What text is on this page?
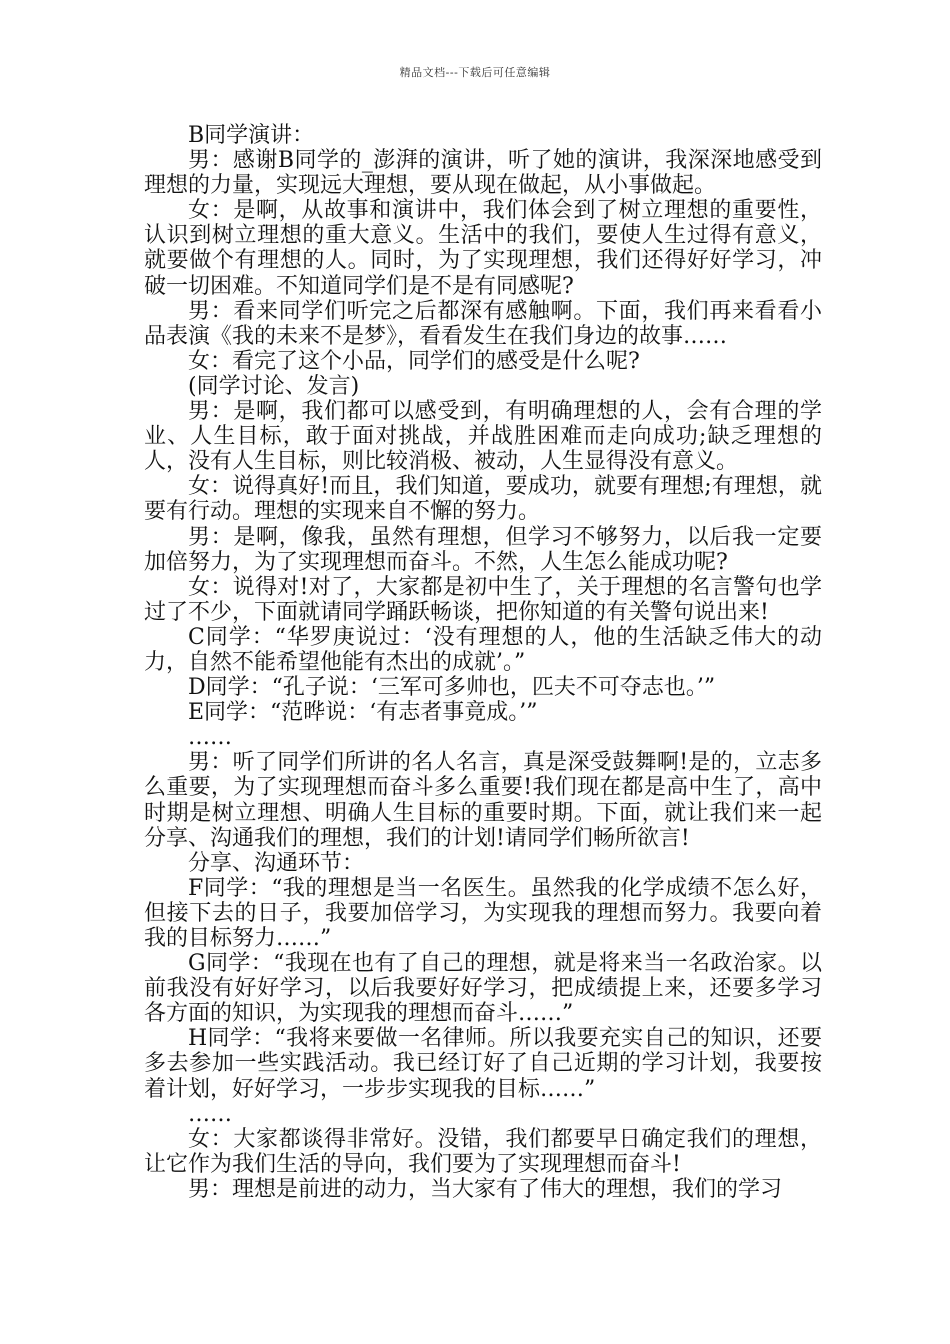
精品文档---下载后可任意编辑

B同学演讲：

男：感谢B同学的_澎湃的演讲，听了她的演讲，我深深地感受到理想的力量，实现远大理想，要从现在做起，从小事做起。

女：是啊，从故事和演讲中，我们体会到了树立理想的重要性，认识到树立理想的重大意义。生活中的我们，要使人生过得有意义，就要做个有理想的人。同时，为了实现理想，我们还得好好学习，冲破一切困难。不知道同学们是不是有同感呢?

男：看来同学们听完之后都深有感触啊。下面，我们再来看看小品表演《我的未来不是梦》，看看发生在我们身边的故事……

女：看完了这个小品，同学们的感受是什么呢?

(同学讨论、发言)

男：是啊，我们都可以感受到，有明确理想的人，会有合理的学业、人生目标，敢于面对挑战，并战胜困难而走向成功;缺乏理想的人，没有人生目标，则比较消极、被动，人生显得没有意义。

女：说得真好!而且，我们知道，要成功，就要有理想;有理想，就要有行动。理想的实现来自不懈的努力。

男：是啊，像我，虽然有理想，但学习不够努力，以后我一定要加倍努力，为了实现理想而奋斗。不然，人生怎么能成功呢?

女：说得对!对了，大家都是初中生了，关于理想的名言警句也学过了不少，下面就请同学踊跃畅谈，把你知道的有关警句说出来!

C同学：“华罗庚说过：‘没有理想的人，他的生活缺乏伟大的动力，自然不能希望他能有杰出的成就’。”

D同学：“孔子说：‘三军可多帅也，匹夫不可夺志也。’”

E同学：“范晔说：‘有志者事竟成。’”

……

男：听了同学们所讲的名人名言，真是深受鼓舞啊!是的，立志多么重要，为了实现理想而奋斗多么重要!我们现在都是高中生了，高中时期是树立理想、明确人生目标的重要时期。下面，就让我们来一起分享、沟通我们的理想，我们的计划!请同学们畅所欲言!

分享、沟通环节：

F同学：“我的理想是当一名医生。虽然我的化学成绩不怎么好，但接下去的日子，我要加倍学习，为实现我的理想而努力。我要向着我的目标努力……”

G同学：“我现在也有了自己的理想，就是将来当一名政治家。以前我没有好好学习，以后我要好好学习，把成绩提上来，还要多学习各方面的知识，为实现我的理想而奋斗……”

H同学：“我将来要做一名律师。所以我要充实自己的知识，还要多去参加一些实践活动。我已经订好了自己近期的学习计划，我要按着计划，好好学习，一步步实现我的目标……”

……

女：大家都谈得非常好。没错，我们都要早日确定我们的理想，让它作为我们生活的导向，我们要为了实现理想而奋斗!

男：理想是前进的动力，当大家有了伟大的理想，我们的学习
